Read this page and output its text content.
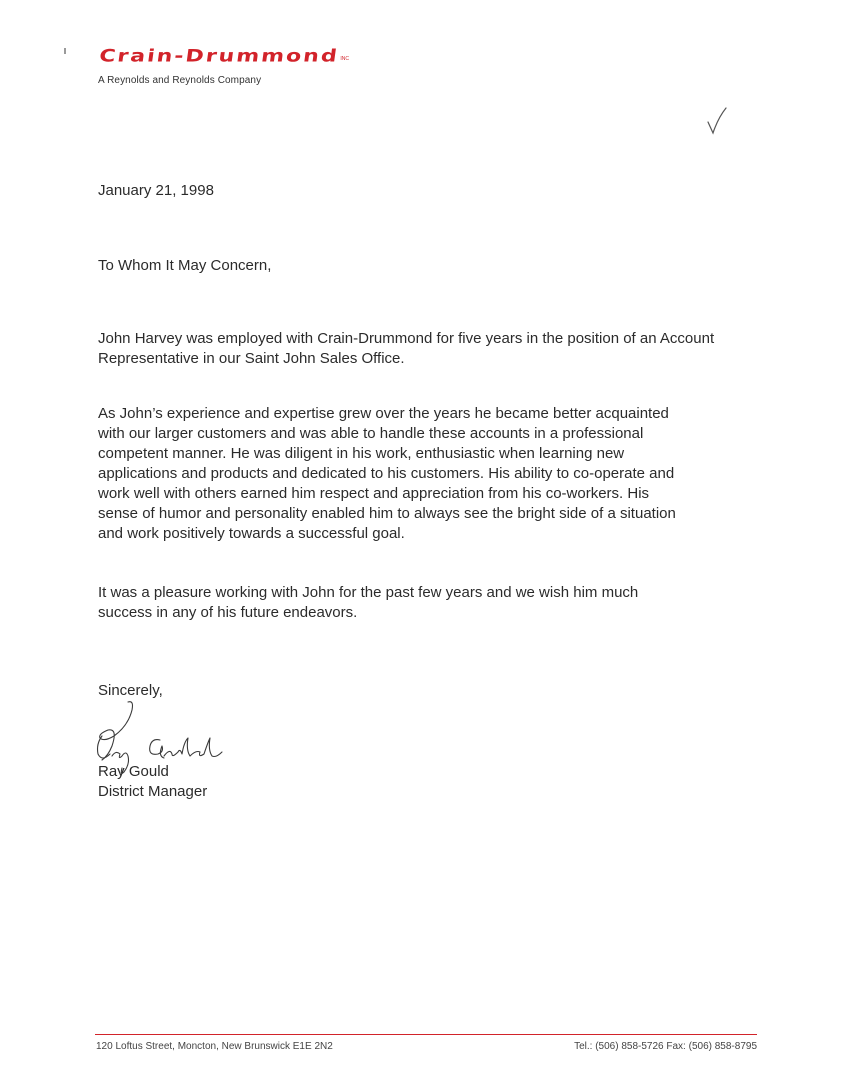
Crain-Drummond INC
A Reynolds and Reynolds Company
January 21, 1998
To Whom It May Concern,

John Harvey was employed with Crain-Drummond for five years in the position of an Account

Representative in our Saint John Sales Office.

As John’s experience and expertise grew over the years he became better acquainted

with our larger customers and was able to handle these accounts in a professional

competent manner. He was diligent in his work, enthusiastic when learning new

applications and products and dedicated to his customers. His ability to co-operate and

work well with others earned him respect and appreciation from his co-workers. His

sense of humor and personality enabled him to always see the bright side of a situation

and work positively towards a successful goal.

It was a pleasure working with John for the past few years and we wish him much

success in any of his future endeavors.

Sincerely,
Ray Gould
District Manager
120 Loftus Street, Moncton, New Brunswick E1E 2N2	Tel.: (506) 858-5726 Fax: (506) 858-8795
